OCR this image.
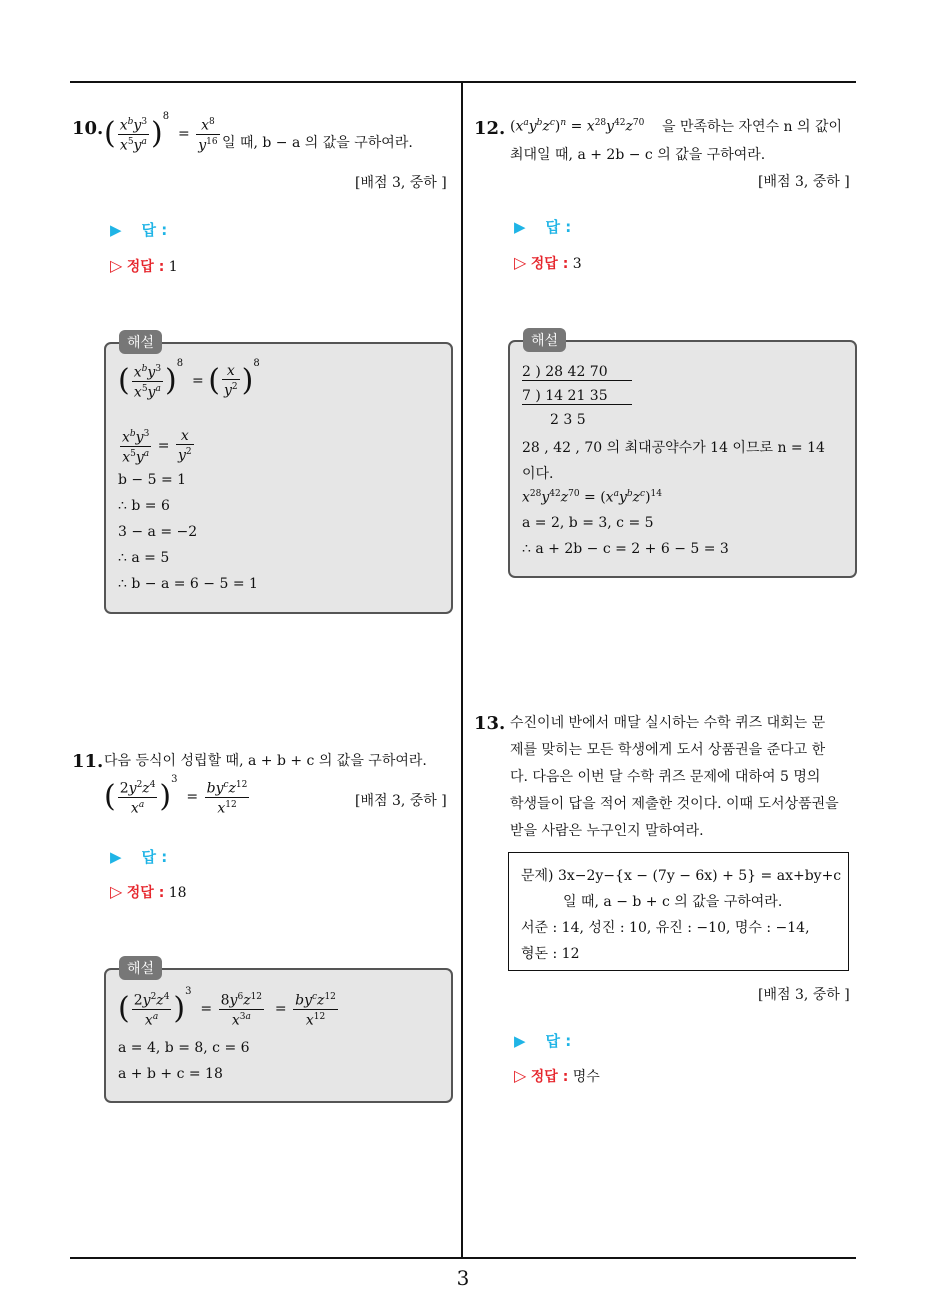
3
10. ( $\frac{x^by^3}{x^5y^a} )^8 = \frac{x^8}{y^{16}}$ 일 때, b − a 의 값을 구하여라.
[배점 3, 중하 ]
▶ 답 :
▷ 정답 : 1
( $\frac{x^by^3}{x^5y^a} )^8$  = ( $\frac{x}{y^2} )^8$
$\frac{x^by^3}{x^5y^a} = \frac{x}{y^2}$
b − 5 = 1
∴ b = 6
3 − a = −2
∴ a = 5
∴ b − a = 6 − 5 = 1
해설
11. 다음 등식이 성립할 때, a + b + c 의 값을 구하여라.
( $\frac{2y^2z^4}{x^a} )^3 = \frac{by^cz^{12}}{x^{12}}$	[배점 3, 중하 ]
▶ 답 :
▷ 정답 : 18
( $\frac{2y^2z^4}{x^a} )^3 = \frac{8y^6z^{12}}{x^{3a}} = \frac{by^cz^{12}}{x^{12}}$
a = 4, b = 8, c = 6
a + b + c = 18
해설
12. $(x^ay^bz^c)^n = x^{28}y^{42}z^{70}$ 을 만족하는 자연수 n 의 값이
최대일 때, a + 2b − c 의 값을 구하여라.
[배점 3, 중하 ]
▶ 답 :
▷ 정답 : 3
2 ) 28 42 70
7 ) 14 21 35
2 3 5
28 , 42 , 70 의 최대공약수가 14 이므로 n = 14
이다.
$x^{28}y^{42}z^{70} = (x^ay^bz^c)^{14}$
a = 2, b = 3, c = 5
∴ a + 2b − c = 2 + 6 − 5 = 3
해설
13. 수진이네 반에서 매달 실시하는 수학 퀴즈 대회는 문
제를 맞히는 모든 학생에게 도서 상품권을 준다고 한
다. 다음은 이번 달 수학 퀴즈 문제에 대하여 5 명의
학생들이 답을 적어 제출한 것이다. 이때 도서상품권을
받을 사람은 누구인지 말하여라.
문제) 3x−2y−{x − (7y − 6x) + 5} = ax+by+c
일 때, a − b + c 의 값을 구하여라.
서준 : 14, 성진 : 10, 유진 : −10, 명수 : −14,
형돈 : 12
[배점 3, 중하 ]
▶ 답 :
▷ 정답 : 명수
